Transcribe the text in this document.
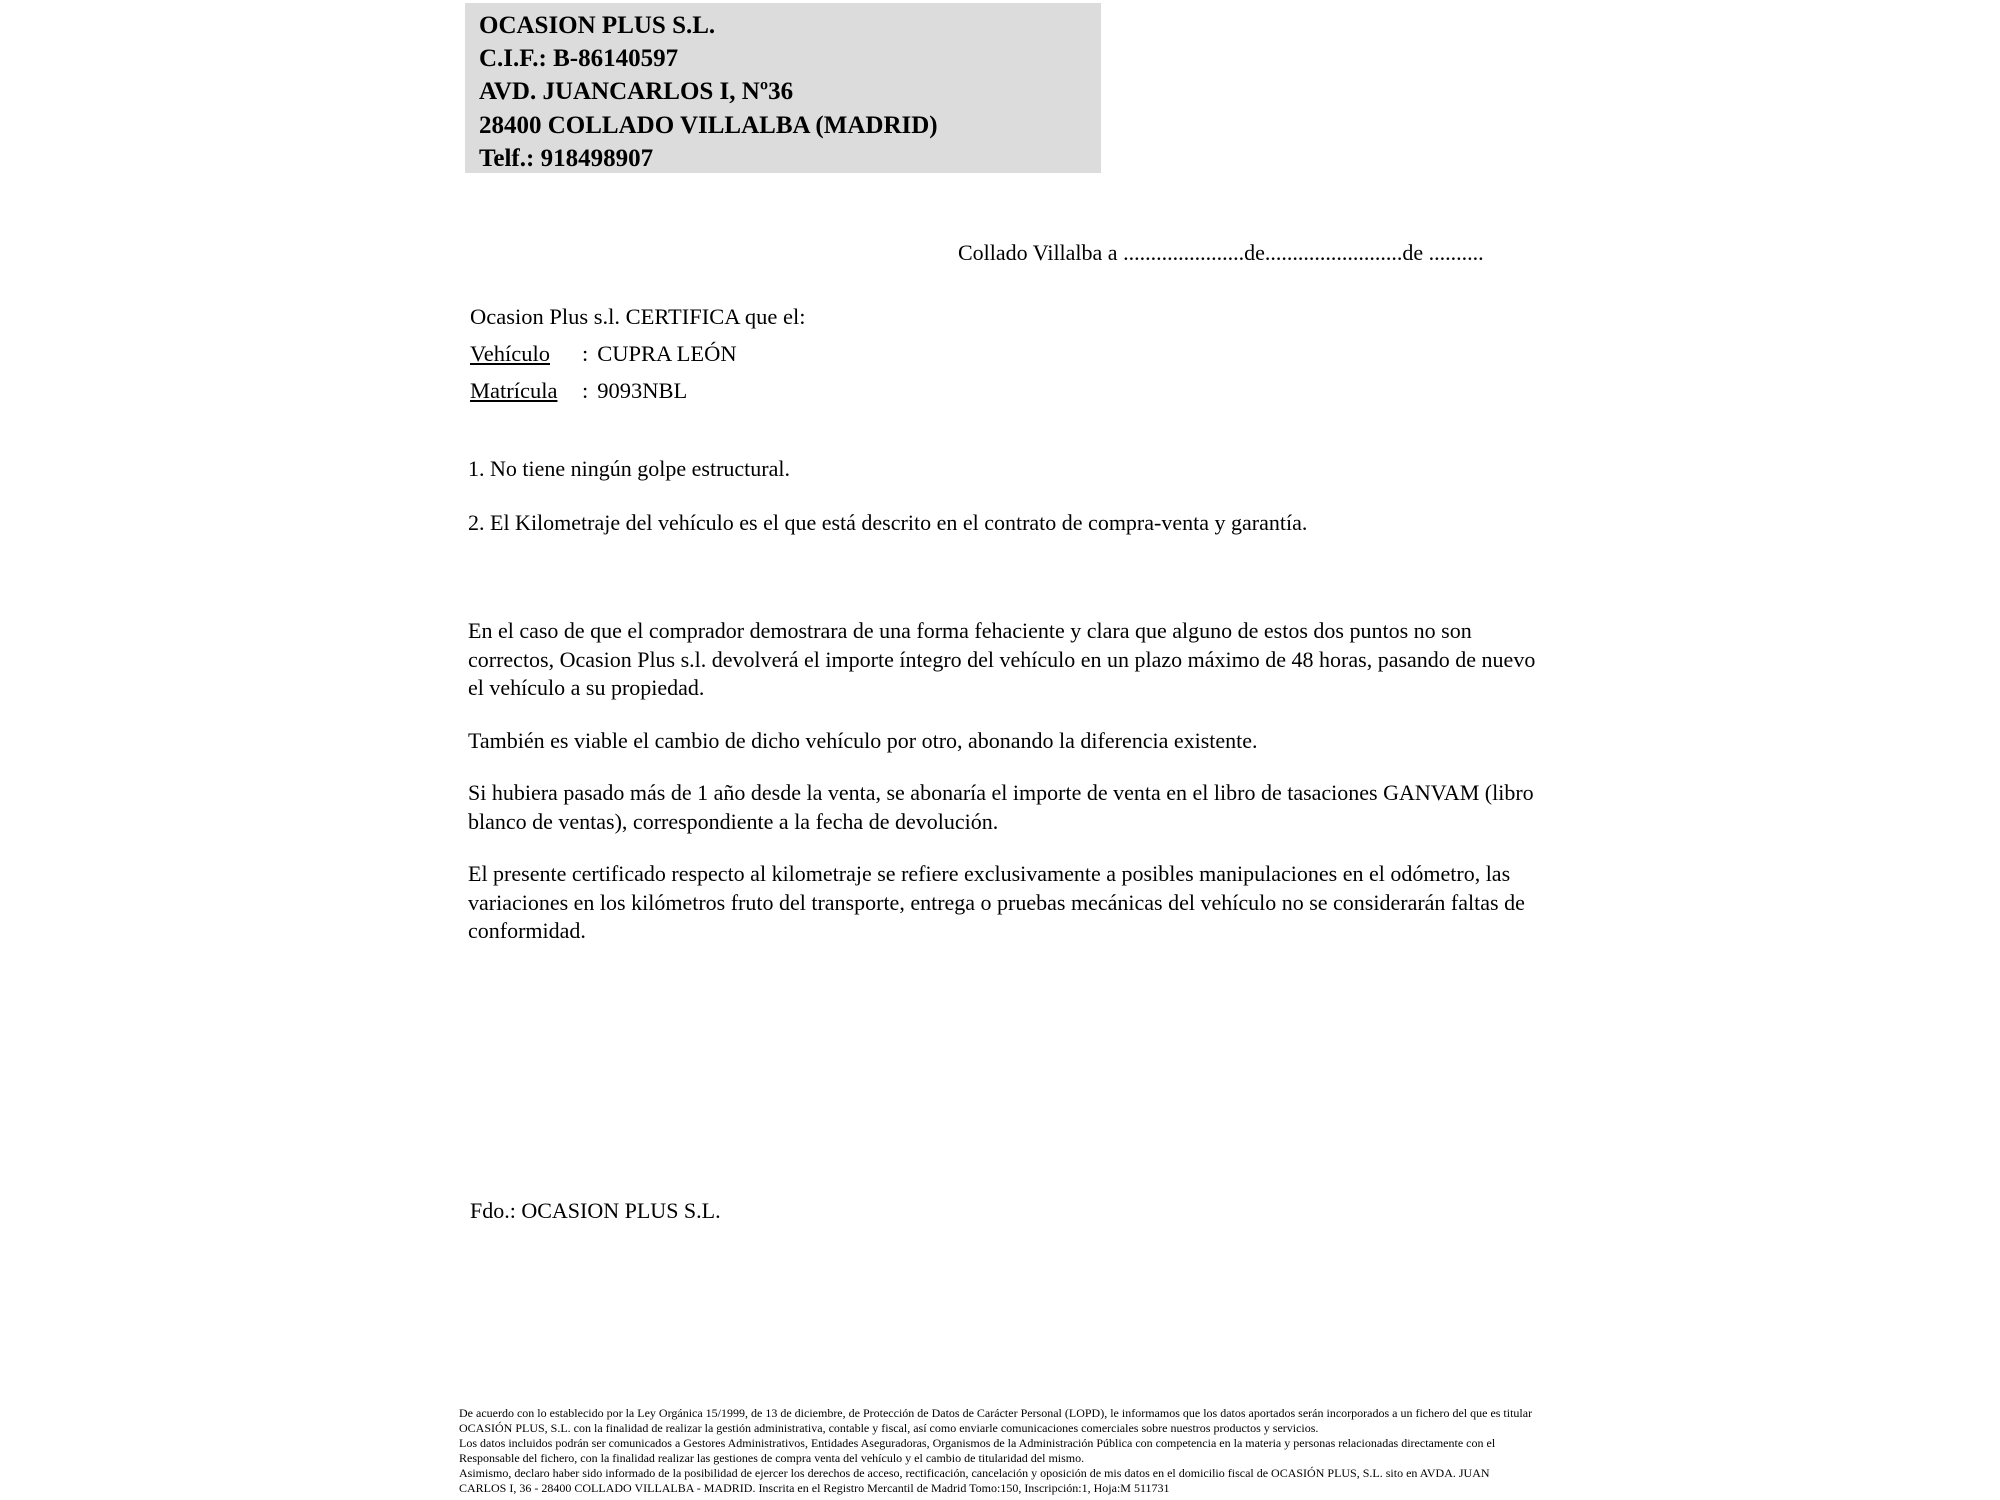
OCASION PLUS S.L.
C.I.F.: B-86140597
AVD. JUANCARLOS I, Nº36
28400 COLLADO VILLALBA (MADRID)
Telf.: 918498907
Collado Villalba a ......................de.........................de ..........
Ocasion Plus s.l. CERTIFICA que el:
Vehículo : CUPRA LEÓN
Matrícula : 9093NBL
1. No tiene ningún golpe estructural.
2. El Kilometraje del vehículo es el que está descrito en el contrato de compra-venta y garantía.

En el caso de que el comprador demostrara de una forma fehaciente y clara que alguno de estos dos puntos no son correctos, Ocasion Plus s.l. devolverá el importe íntegro del vehículo en un plazo máximo de 48 horas, pasando de nuevo el vehículo a su propiedad.

También es viable el cambio de dicho vehículo por otro, abonando la diferencia existente.

Si hubiera pasado más de 1 año desde la venta, se abonaría el importe de venta en el libro de tasaciones GANVAM (libro blanco de ventas), correspondiente a la fecha de devolución.

El presente certificado respecto al kilometraje se refiere exclusivamente a posibles manipulaciones en el odómetro, las variaciones en los kilómetros fruto del transporte, entrega o pruebas mecánicas del vehículo no se considerarán faltas de conformidad.

Fdo.: OCASION PLUS S.L.
De acuerdo con lo establecido por la Ley Orgánica 15/1999, de 13 de diciembre, de Protección de Datos de Carácter Personal (LOPD), le informamos que los datos aportados serán incorporados a un fichero del que es titular
OCASIÓN PLUS, S.L. con la finalidad de realizar la gestión administrativa, contable y fiscal, así como enviarle comunicaciones comerciales sobre nuestros productos y servicios.
Los datos incluidos podrán ser comunicados a Gestores Administrativos, Entidades Aseguradoras, Organismos de la Administración Pública con competencia en la materia y personas relacionadas directamente con el
Responsable del fichero, con la finalidad realizar las gestiones de compra venta del vehículo y el cambio de titularidad del mismo.
Asimismo, declaro haber sido informado de la posibilidad de ejercer los derechos de acceso, rectificación, cancelación y oposición de mis datos en el domicilio fiscal de OCASIÓN PLUS, S.L. sito en AVDA. JUAN
CARLOS I, 36 - 28400 COLLADO VILLALBA - MADRID. Inscrita en el Registro Mercantil de Madrid Tomo:150, Inscripción:1, Hoja:M 511731
